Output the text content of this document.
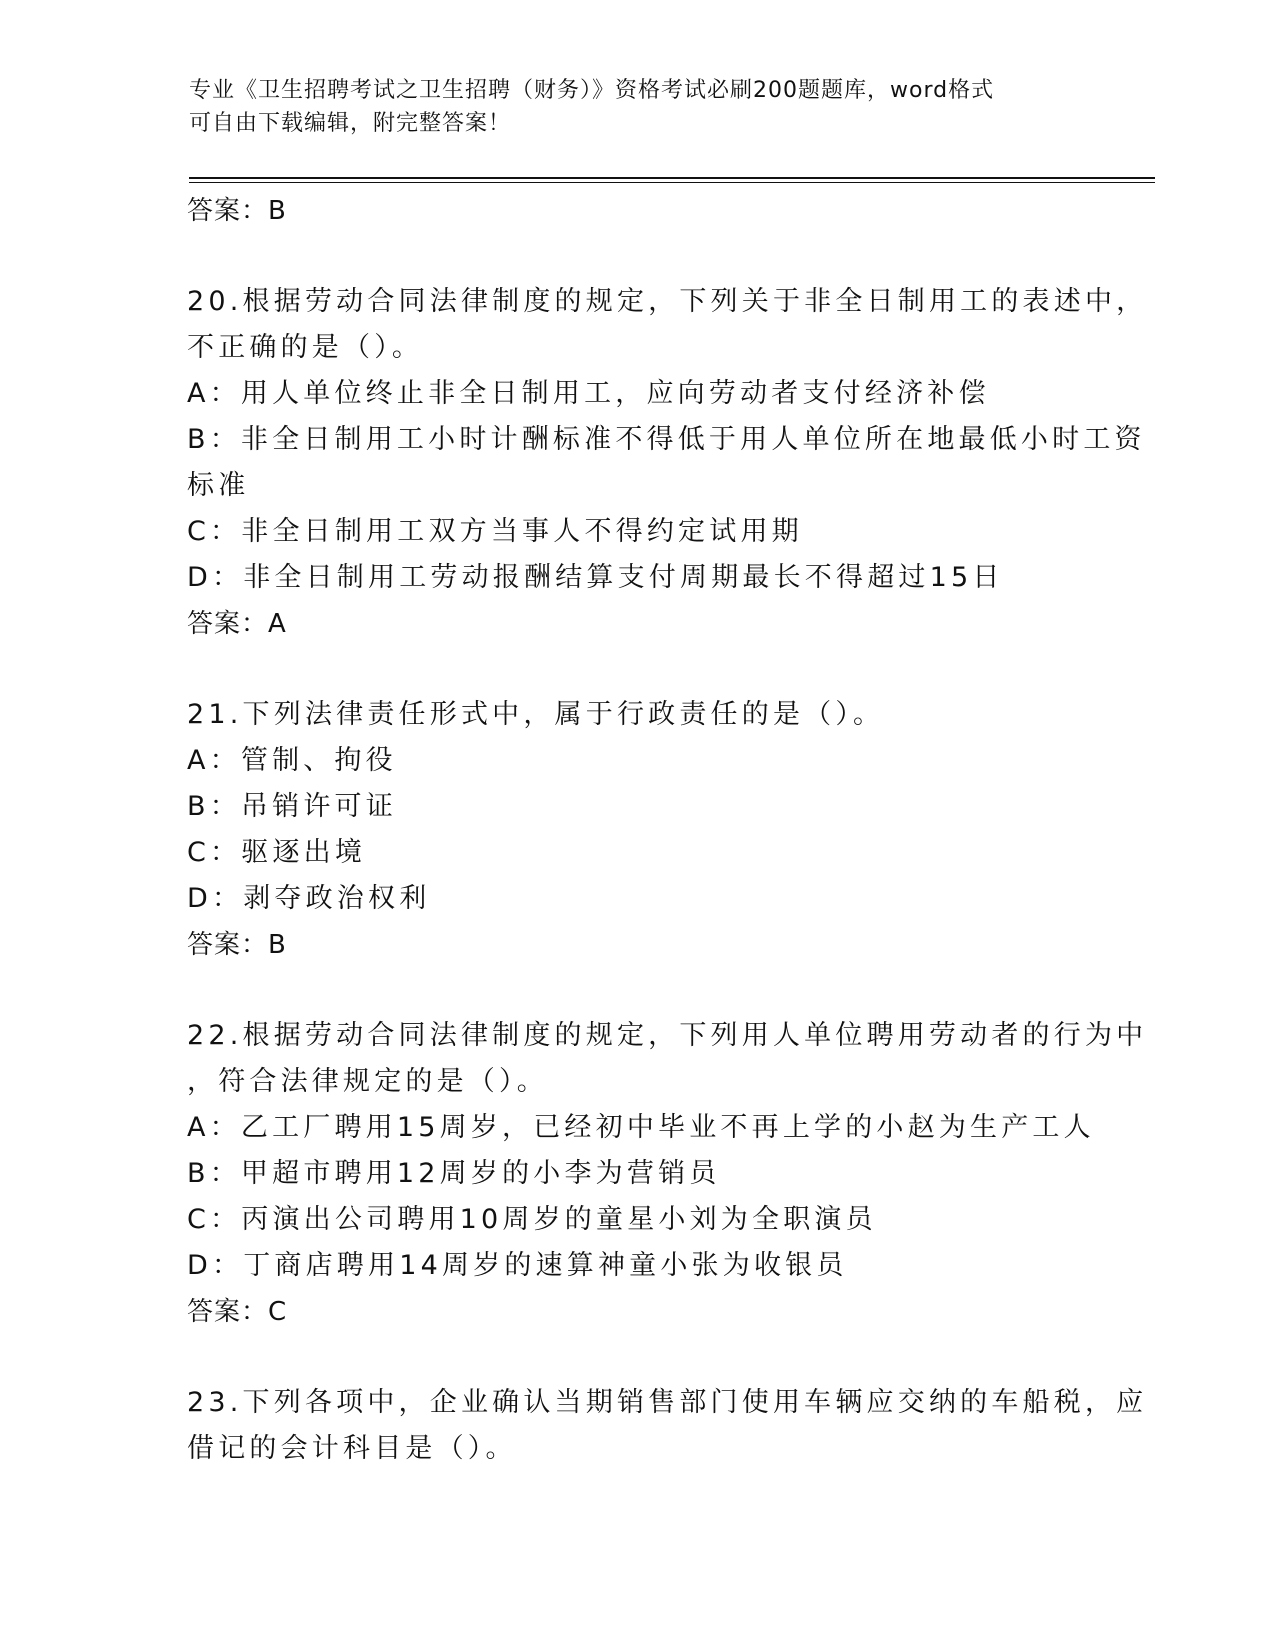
专业《卫生招聘考试之卫生招聘（财务）》资格考试必刷200题题库，word格式
可自由下载编辑，附完整答案！

答案：B

20.根据劳动合同法律制度的规定，下列关于非全日制用工的表述中，

不正确的是（）。

A：用人单位终止非全日制用工，应向劳动者支付经济补偿

B：非全日制用工小时计酬标准不得低于用人单位所在地最低小时工资

标准

C：非全日制用工双方当事人不得约定试用期

D：非全日制用工劳动报酬结算支付周期最长不得超过15日

答案：A

21.下列法律责任形式中，属于行政责任的是（）。

A：管制、拘役

B：吊销许可证

C：驱逐出境

D：剥夺政治权利

答案：B

22.根据劳动合同法律制度的规定，下列用人单位聘用劳动者的行为中

，符合法律规定的是（）。

A：乙工厂聘用15周岁，已经初中毕业不再上学的小赵为生产工人

B：甲超市聘用12周岁的小李为营销员

C：丙演出公司聘用10周岁的童星小刘为全职演员

D：丁商店聘用14周岁的速算神童小张为收银员

答案：C

23.下列各项中，企业确认当期销售部门使用车辆应交纳的车船税，应

借记的会计科目是（）。
